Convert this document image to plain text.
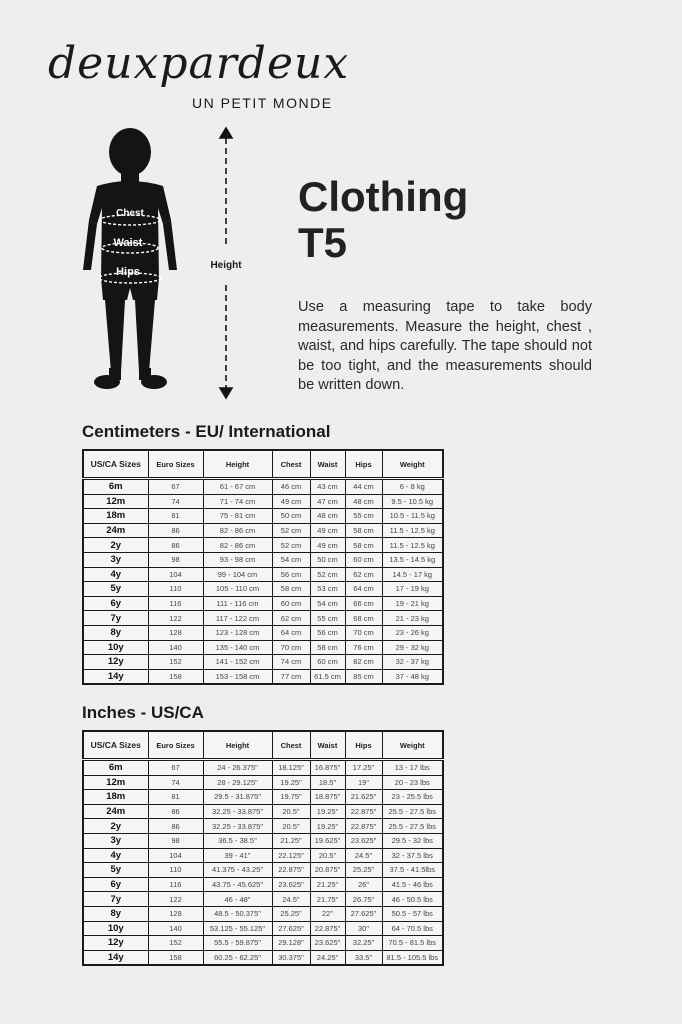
deuxpardeux
UN PETIT MONDE
Chest
Waist
Hips
Height
Clothing
T5
Use a measuring tape to take body measurements. Measure the height, chest , waist, and hips carefully. The tape should not be too tight, and the measurements should be written down.
Centimeters - EU/ International
US/CA Sizes	Euro Sizes	Height	Chest	Waist	Hips	Weight
6m	67	61 - 67 cm	46 cm	43 cm	44 cm	6 - 8 kg
12m	74	71 - 74 cm	49 cm	47 cm	48 cm	9.5 - 10.5 kg
18m	81	75 - 81 cm	50 cm	48 cm	55 cm	10.5 - 11.5 kg
24m	86	82 - 86 cm	52 cm	49 cm	58 cm	11.5 - 12.5 kg
2y	86	82 - 86 cm	52 cm	49 cm	58 cm	11.5 - 12.5 kg
3y	98	93 - 98 cm	54 cm	50 cm	60 cm	13.5 - 14.5 kg
4y	104	99 - 104 cm	56 cm	52 cm	62 cm	14.5 - 17 kg
5y	110	105 - 110 cm	58 cm	53 cm	64 cm	17 - 19 kg
6y	116	111 - 116 cm	60 cm	54 cm	66 cm	19 - 21 kg
7y	122	117 - 122 cm	62 cm	55 cm	68 cm	21 - 23 kg
8y	128	123 - 128 cm	64 cm	56 cm	70 cm	23 - 26 kg
10y	140	135 - 140 cm	70 cm	58 cm	76 cm	29 - 32 kg
12y	152	141 - 152 cm	74 cm	60 cm	82 cm	32 - 37 kg
14y	158	153 - 158 cm	77 cm	61.5 cm	85 cm	37 - 48 kg
Inches - US/CA
US/CA Sizes	Euro Sizes	Height	Chest	Waist	Hips	Weight
6m	67	24 - 26.375"	18.125"	16.875"	17.25"	13 - 17 lbs
12m	74	28 - 29.125"	19.25"	18.5"	19"	20 - 23 lbs
18m	81	29.5 - 31.875"	19.75"	18.875"	21.625"	23 - 25.5 lbs
24m	86	32.25 - 33.875"	20.5"	19.25"	22.875"	25.5 - 27.5 lbs
2y	86	32.25 - 33.875"	20.5"	19.25"	22.875"	25.5 - 27.5 lbs
3y	98	36.5 - 38.5"	21.25"	19.625"	23.625"	29.5 - 32 lbs
4y	104	39 - 41"	22.125"	20.5"	24.5"	32 - 37.5 lbs
5y	110	41.375 - 43.25"	22.875"	20.875"	25.25"	37.5 - 41.5lbs
6y	116	43.75 - 45.625"	23.625"	21.25"	26"	41.5 - 46 lbs
7y	122	46 - 48"	24.5"	21.75"	26.75"	46 - 50.5 lbs
8y	128	48.5 - 50.375"	25.25"	22"	27.625"	50.5 - 57 lbs
10y	140	53.125 - 55.125"	27.625"	22.875"	30"	64 - 70.5 lbs
12y	152	55.5 - 59.875"	29.128"	23.625"	32.25"	70.5 - 81.5 lbs
14y	158	60.25 - 62.25"	30.375"	24.25"	33.5"	81.5 - 105.5 lbs
